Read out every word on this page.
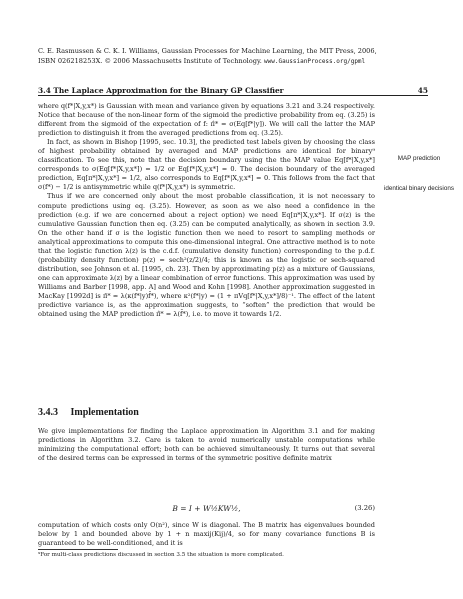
C. E. Rasmussen & C. K. I. Williams, Gaussian Processes for Machine Learning, the MIT Press, 2006,
ISBN 026218253X. © 2006 Massachusetts Institute of Technology. www.GaussianProcess.org/gpml
3.4 The Laplace Approximation for the Binary GP Classifier	45

where q(f*|X,y,x*) is Gaussian with mean and variance given by equations 3.21 and 3.24 respectively. Notice that because of the non-linear form of the sigmoid the predictive probability from eq. (3.25) is different from the sigmoid of the expectation of f: π̂* = σ(Eq[f*|y]). We will call the latter the MAP prediction to distinguish it from the averaged predictions from eq. (3.25).

In fact, as shown in Bishop [1995, sec. 10.3], the predicted test labels given by choosing the class of highest probability obtained by averaged and MAP predictions are identical for binary⁹ classification. To see this, note that the decision boundary using the the MAP value Eq[f*|X,y,x*] corresponds to σ(Eq[f*|X,y,x*]) = 1/2 or Eq[f*|X,y,x*] = 0. The decision boundary of the averaged prediction, Eq[π*|X,y,x*] = 1/2, also corresponds to Eq[f*|X,y,x*] = 0. This follows from the fact that σ(f*) − 1/2 is antisymmetric while q(f*|X,y,x*) is symmetric.

Thus if we are concerned only about the most probable classification, it is not necessary to compute predictions using eq. (3.25). However, as soon as we also need a confidence in the prediction (e.g. if we are concerned about a reject option) we need Eq[π*|X,y,x*]. If σ(z) is the cumulative Gaussian function then eq. (3.25) can be computed analytically, as shown in section 3.9. On the other hand if σ is the logistic function then we need to resort to sampling methods or analytical approximations to compute this one-dimensional integral. One attractive method is to note that the logistic function λ(z) is the c.d.f. (cumulative density function) corresponding to the p.d.f. (probability density function) p(z) = sech²(z/2)/4; this is known as the logistic or sech-squared distribution, see Johnson et al. [1995, ch. 23]. Then by approximating p(z) as a mixture of Gaussians, one can approximate λ(z) by a linear combination of error functions. This approximation was used by Williams and Barber [1998, app. A] and Wood and Kohn [1998]. Another approximation suggested in MacKay [1992d] is π̄* ≃ λ(κ(f*|y)f̄*), where κ²(f*|y) = (1 + πVq[f*|X,y,x*]/8)⁻¹. The effect of the latent predictive variance is, as the approximation suggests, to “soften” the prediction that would be obtained using the MAP prediction π̂* = λ(f̄*), i.e. to move it towards 1/2.

MAP prediction
identical binary decisions
3.4.3 Implementation
We give implementations for finding the Laplace approximation in Algorithm 3.1 and for making predictions in Algorithm 3.2. Care is taken to avoid numerically unstable computations while minimizing the computational effort; both can be achieved simultaneously. It turns out that several of the desired terms can be expressed in terms of the symmetric positive definite matrix
B = I + W½KW½,	(3.26)
computation of which costs only O(n²), since W is diagonal. The B matrix has eigenvalues bounded below by 1 and bounded above by 1 + n maxij(Kij)/4, so for many covariance functions B is guaranteed to be well-conditioned, and it is
⁹For multi-class predictions discussed in section 3.5 the situation is more complicated.
